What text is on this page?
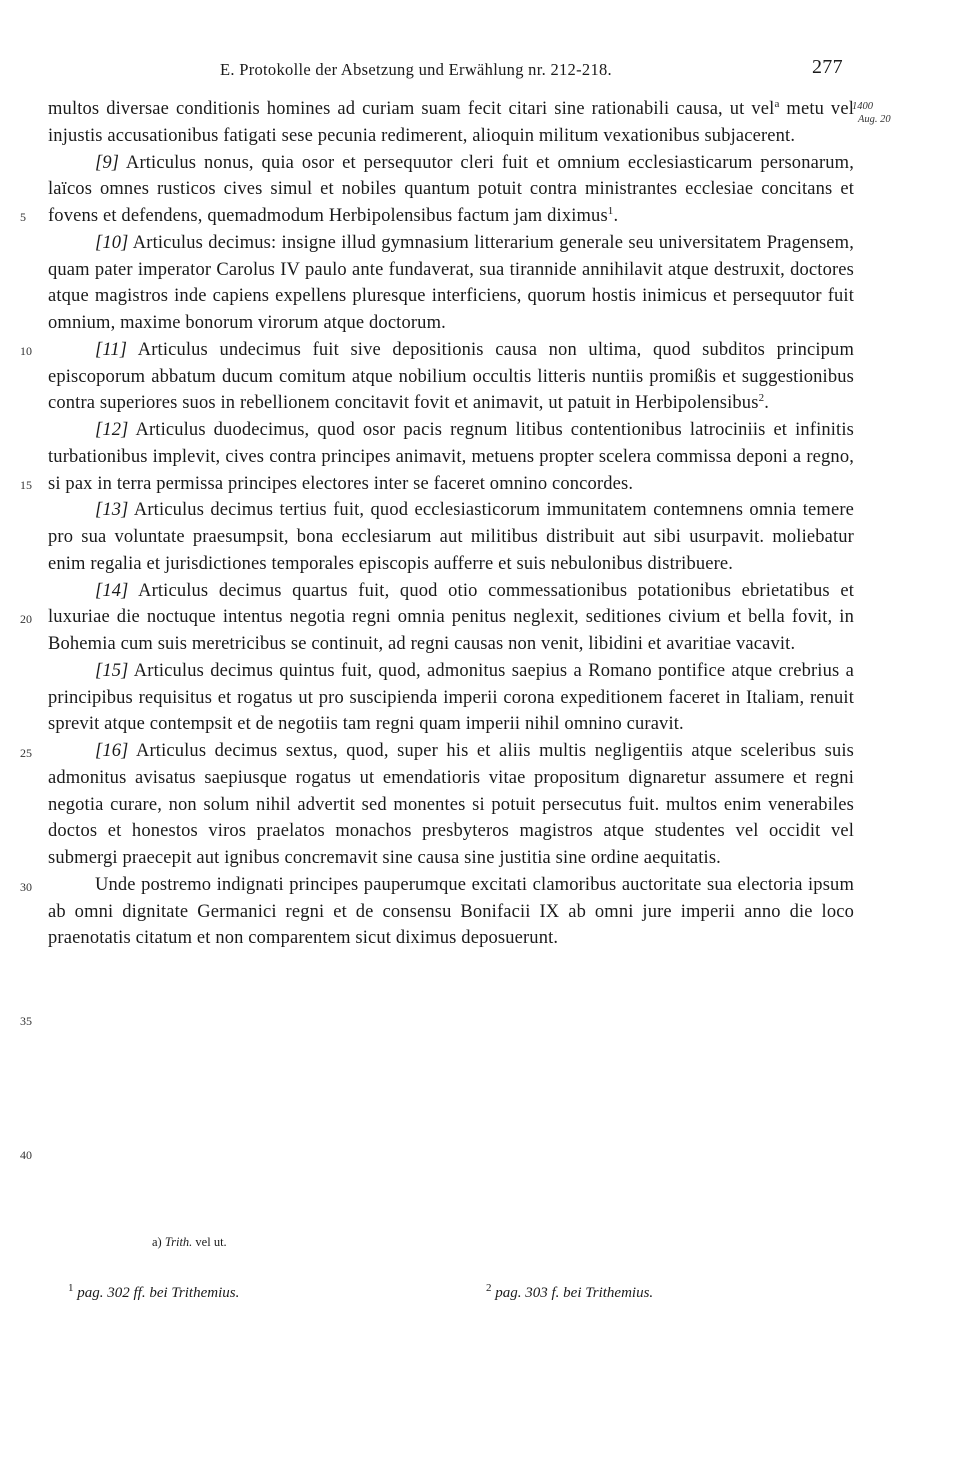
E. Protokolle der Absetzung und Erwählung nr. 212-218.	277
1400
Aug. 20
5
10
15
20
25
30
35
40

multos diversae conditionis homines ad curiam suam fecit citari sine rationabili causa, ut vel$^a$ metu vel injustis accusationibus fatigati sese pecunia redimerent, alioquin militum vexationibus subjacerent.

[9] Articulus nonus, quia osor et persequutor cleri fuit et omnium ecclesiasticarum personarum, laïcos omnes rusticos cives simul et nobiles quantum potuit contra ministrantes ecclesiae concitans et fovens et defendens, quemadmodum Herbipolensibus factum jam diximus$^1$.

[10] Articulus decimus: insigne illud gymnasium litterarium generale seu universitatem Pragensem, quam pater imperator Carolus IV paulo ante fundaverat, sua tirannide annihilavit atque destruxit, doctores atque magistros inde capiens expellens pluresque interficiens, quorum hostis inimicus et persequutor fuit omnium, maxime bonorum virorum atque doctorum.

[11] Articulus undecimus fuit sive depositionis causa non ultima, quod subditos principum episcoporum abbatum ducum comitum atque nobilium occultis litteris nuntiis promißis et suggestionibus contra superiores suos in rebellionem concitavit fovit et animavit, ut patuit in Herbipolensibus$^2$.

[12] Articulus duodecimus, quod osor pacis regnum litibus contentionibus latrociniis et infinitis turbationibus implevit, cives contra principes animavit, metuens propter scelera commissa deponi a regno, si pax in terra permissa principes electores inter se faceret omnino concordes.

[13] Articulus decimus tertius fuit, quod ecclesiasticorum immunitatem contemnens omnia temere pro sua voluntate praesumpsit, bona ecclesiarum aut militibus distribuit aut sibi usurpavit. moliebatur enim regalia et jurisdictiones temporales episcopis aufferre et suis nebulonibus distribuere.

[14] Articulus decimus quartus fuit, quod otio commessationibus potationibus ebrietatibus et luxuriae die noctuque intentus negotia regni omnia penitus neglexit, seditiones civium et bella fovit, in Bohemia cum suis meretricibus se continuit, ad regni causas non venit, libidini et avaritiae vacavit.

[15] Articulus decimus quintus fuit, quod, admonitus saepius a Romano pontifice atque crebrius a principibus requisitus et rogatus ut pro suscipienda imperii corona expeditionem faceret in Italiam, renuit sprevit atque contempsit et de negotiis tam regni quam imperii nihil omnino curavit.

[16] Articulus decimus sextus, quod, super his et aliis multis negligentiis atque sceleribus suis admonitus avisatus saepiusque rogatus ut emendatioris vitae propositum dignaretur assumere et regni negotia curare, non solum nihil advertit sed monentes si potuit persecutus fuit. multos enim venerabiles doctos et honestos viros praelatos monachos presbyteros magistros atque studentes vel occidit vel submergi praecepit aut ignibus concremavit sine causa sine justitia sine ordine aequitatis.

Unde postremo indignati principes pauperumque excitati clamoribus auctoritate sua electoria ipsum ab omni dignitate Germanici regni et de consensu Bonifacii IX ab omni jure imperii anno die loco praenotatis citatum et non comparentem sicut diximus deposuerunt.

a) Trith. vel ut.
$^1$ pag. 302 ff. bei Trithemius.	$^2$ pag. 303 f. bei Trithemius.
